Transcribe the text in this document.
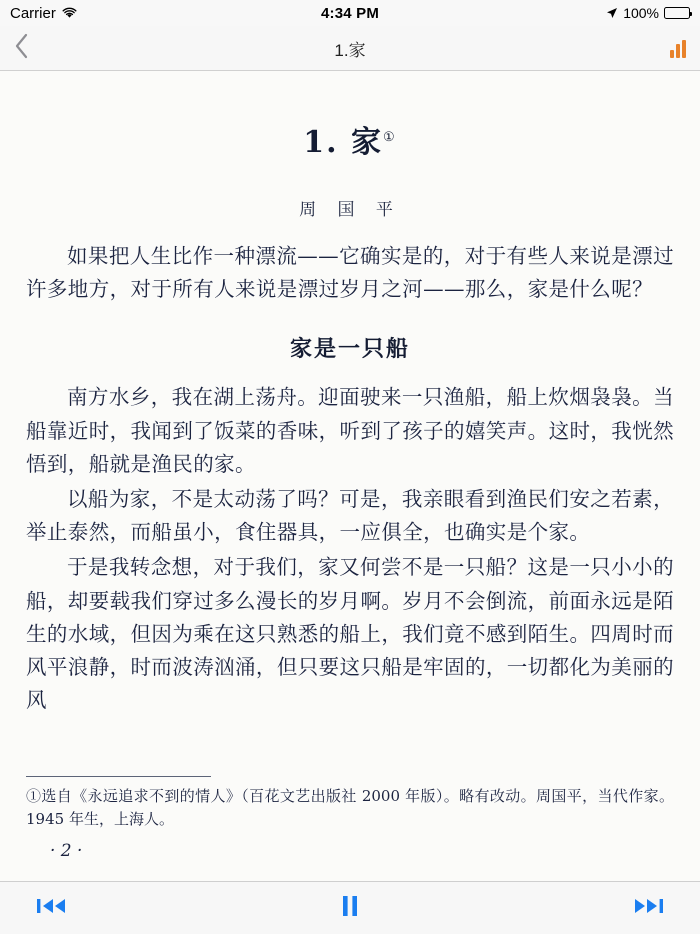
Carrier	4:34 PM	100%
1.家
1. 家①
周 国 平

如果把人生比作一种漂流——它确实是的，对于有些人来说是漂过许多地方，对于所有人来说是漂过岁月之河——那么，家是什么呢？

家是一只船

南方水乡，我在湖上荡舟。迎面驶来一只渔船，船上炊烟袅袅。当船靠近时，我闻到了饭菜的香味，听到了孩子的嬉笑声。这时，我恍然悟到，船就是渔民的家。

以船为家，不是太动荡了吗？可是，我亲眼看到渔民们安之若素，举止泰然，而船虽小，食住器具，一应俱全，也确实是个家。

于是我转念想，对于我们，家又何尝不是一只船？这是一只小小的船，却要载我们穿过多么漫长的岁月啊。岁月不会倒流，前面永远是陌生的水域，但因为乘在这只熟悉的船上，我们竟不感到陌生。四周时而风平浪静，时而波涛汹涌，但只要这只船是牢固的，一切都化为美丽的风

①选自《永远追求不到的情人》（百花文艺出版社 2000 年版）。略有改动。周国平，当代作家。1945 年生，上海人。

· 2 ·
